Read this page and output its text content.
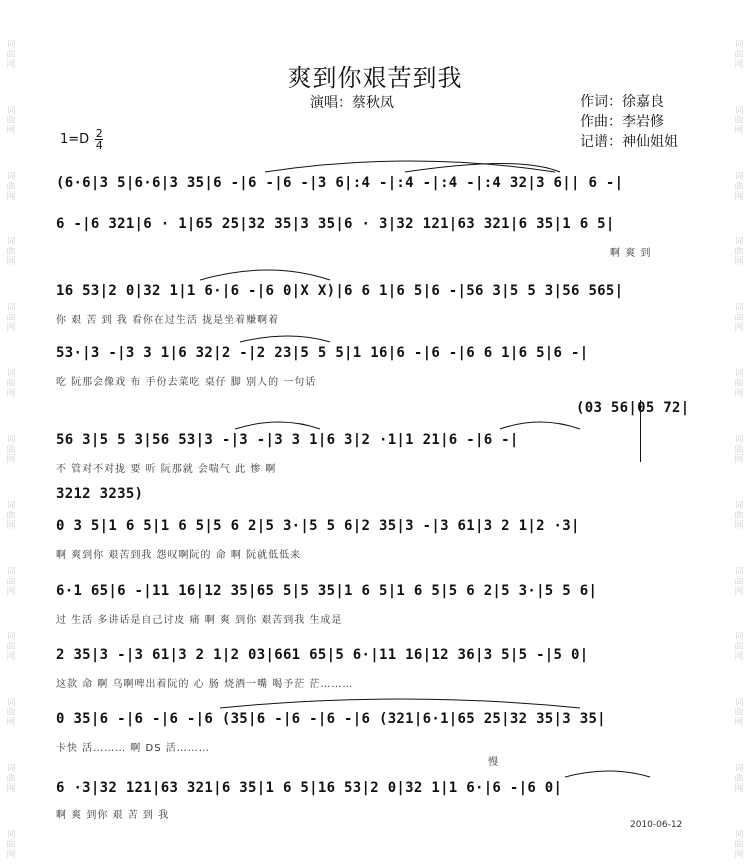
词
曲
网
词
曲
网
词
曲
网
词
曲
网
词
曲
网
词
曲
网
词
曲
网
词
曲
网
词
曲
网
词
曲
网
词
曲
网
词
曲
网
词
曲
网
词
曲
网
词
曲
网
词
曲
网
词
曲
网
词
曲
网
词
曲
网
词
曲
网
词
曲
网
词
曲
网
词
曲
网
词
曲
网
词
曲
网
词
曲
网
爽到你艰苦到我
演唱：蔡秋凤	作词：徐嘉良
作曲：李岩修
记谱：神仙姐姐
1=D 2
4
(6·6|3 5|6·6|3 35|6 -|6 -|6 -|3 6|:4 -|:4 -|:4 -|:4 32|3 6|| 6 -|
6 -|6 321|6 · 1|65 25|32 35|3 35|6 · 3|32 121|63 321|6 35|1 6 5|
啊 爽 到
16 53|2 0|32 1|1 6·|6 -|6 0|X X)|6 6 1|6 5|6 -|56 3|5 5 3|56 565|
你 艰 苦 到 我 看你在过生活 拢是坐着赚啊着
53·|3 -|3 3 1|6 32|2 -|2 23|5 5 5|1 16|6 -|6 -|6 6 1|6 5|6 -|
吃 阮那会像戏 布 手份去菜吃 桌仔 脚 别人的 一句话
(03 56|05 72|
56 3|5 5 3|56 53|3 -|3 -|3 3 1|6 3|2 ·1|1 21|6 -|6 -|
不 管对不对拢 要 听 阮那就 会喘气 此 惨 啊
3212 3235)
0 3 5|1 6 5|1 6 5|5 6 2|5 3·|5 5 6|2 35|3 -|3 61|3 2 1|2 ·3|
啊 爽到你 艰苦到我 怨叹啊阮的 命 啊 阮就低低来
6·1 65|6 -|11 16|12 35|65 5|5 35|1 6 5|1 6 5|5 6 2|5 3·|5 5 6|
过 生活 多讲话是自己讨皮 痛 啊 爽 到你 艰苦到我 生成是
2 35|3 -|3 61|3 2 1|2 03|661 65|5 6·|11 16|12 36|3 5|5 -|5 0|
这款 命 啊 乌啊啤出着阮的 心 肠 烧酒一嘴 喝予茫 茫………
0 35|6 -|6 -|6 -|6 (35|6 -|6 -|6 -|6 (321|6·1|65 25|32 35|3 35|
卡快 活……… 啊 DS 活………
慢
6 ·3|32 121|63 321|6 35|1 6 5|16 53|2 0|32 1|1 6·|6 -|6 0|
啊 爽 到你 艰 苦 到 我
2010-06-12
